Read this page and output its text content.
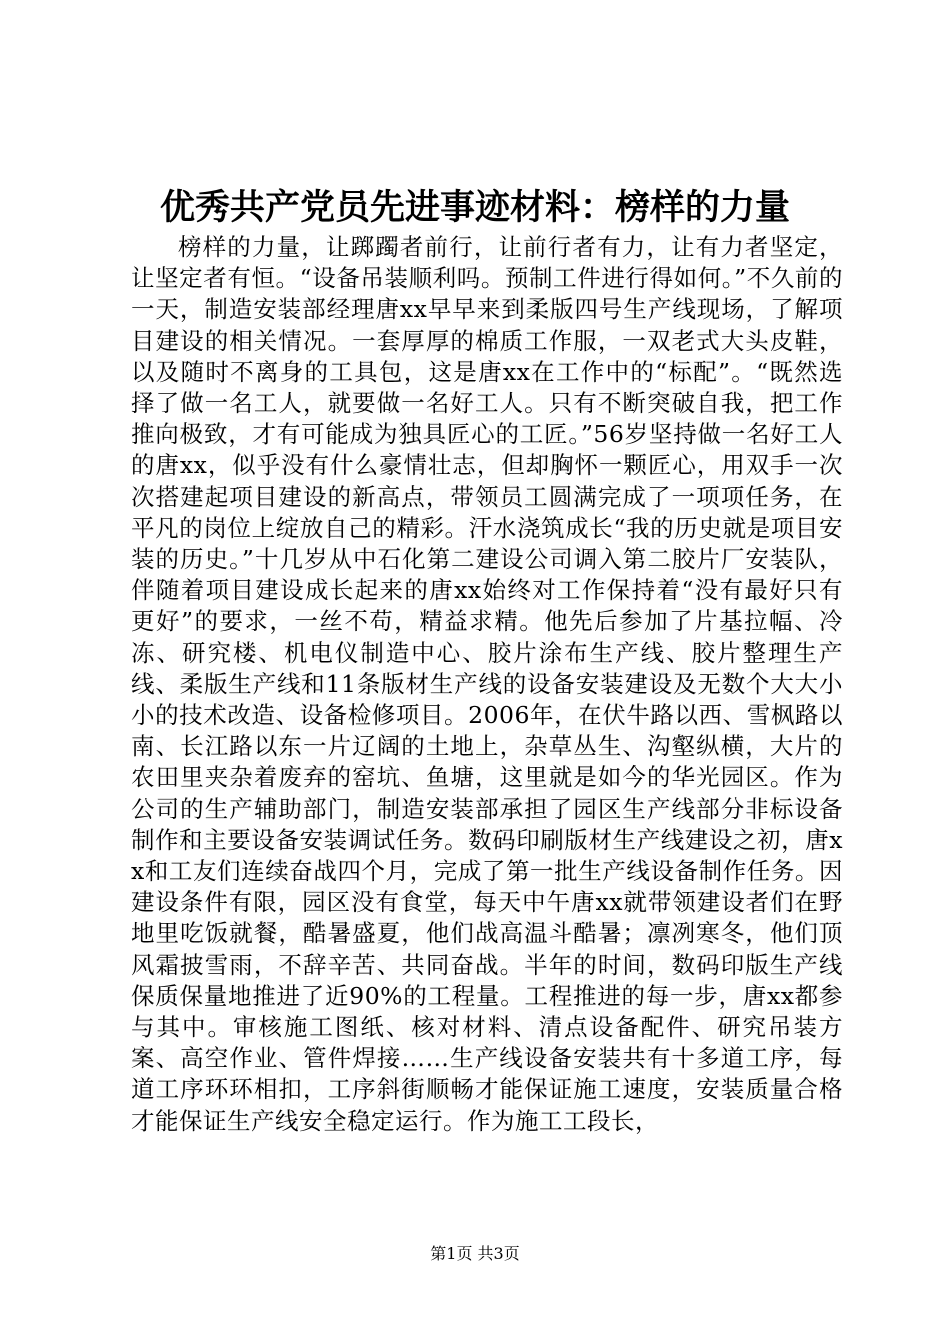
优秀共产党员先进事迹材料：榜样的力量

榜样的力量，让踯躅者前行，让前行者有力，让有力者坚定，让坚定者有恒。“设备吊装顺利吗。预制工件进行得如何。”不久前的一天，制造安装部经理唐xx早早来到柔版四号生产线现场，了解项目建设的相关情况。一套厚厚的棉质工作服，一双老式大头皮鞋，以及随时不离身的工具包，这是唐xx在工作中的“标配”。“既然选择了做一名工人，就要做一名好工人。只有不断突破自我，把工作推向极致，才有可能成为独具匠心的工匠。”56岁坚持做一名好工人的唐xx，似乎没有什么豪情壮志，但却胸怀一颗匠心，用双手一次次搭建起项目建设的新高点，带领员工圆满完成了一项项任务，在平凡的岗位上绽放自己的精彩。汗水浇筑成长“我的历史就是项目安装的历史。”十几岁从中石化第二建设公司调入第二胶片厂安装队，伴随着项目建设成长起来的唐xx始终对工作保持着“没有最好只有更好”的要求，一丝不苟，精益求精。他先后参加了片基拉幅、冷冻、研究楼、机电仪制造中心、胶片涂布生产线、胶片整理生产线、柔版生产线和11条版材生产线的设备安装建设及无数个大大小小的技术改造、设备检修项目。2006年，在伏牛路以西、雪枫路以南、长江路以东一片辽阔的土地上，杂草丛生、沟壑纵横，大片的农田里夹杂着废弃的窑坑、鱼塘，这里就是如今的华光园区。作为公司的生产辅助部门，制造安装部承担了园区生产线部分非标设备制作和主要设备安装调试任务。数码印刷版材生产线建设之初，唐xx和工友们连续奋战四个月，完成了第一批生产线设备制作任务。因建设条件有限，园区没有食堂，每天中午唐xx就带领建设者们在野地里吃饭就餐，酷暑盛夏，他们战高温斗酷暑；凛冽寒冬，他们顶风霜披雪雨，不辞辛苦、共同奋战。半年的时间，数码印版生产线保质保量地推进了近90%的工程量。工程推进的每一步，唐xx都参与其中。审核施工图纸、核对材料、清点设备配件、研究吊装方案、高空作业、管件焊接……生产线设备安装共有十多道工序，每道工序环环相扣，工序斜街顺畅才能保证施工速度，安装质量合格才能保证生产线安全稳定运行。作为施工工段长，

第1页 共3页
